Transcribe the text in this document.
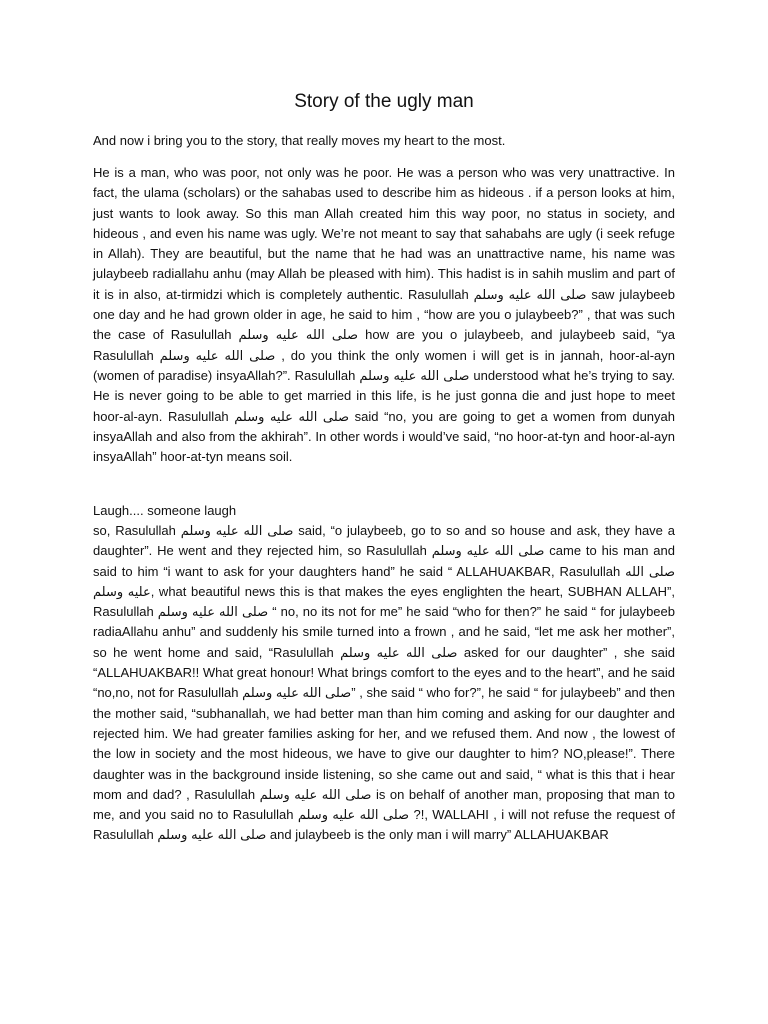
Story of the ugly man

And now i bring you to the story, that really moves my heart to the most.

He is a man, who was poor, not only was he poor. He was a person who was very unattractive. In fact, the ulama (scholars) or the sahabas used to describe him as hideous . if a person looks at him, just wants to look away. So this man Allah created him this way poor, no status in society, and hideous , and even his name was ugly. We’re not meant to say that sahabahs are ugly (i seek refuge in Allah). They are beautiful, but the name that he had was an unattractive name, his name was julaybeeb radiallahu anhu (may Allah be pleased with him). This hadist is in sahih muslim and part of it is in also, at-tirmidzi which is completely authentic. Rasulullah صلى الله عليه وسلم saw julaybeeb one day and he had grown older in age, he said to him , “how are you o julaybeeb?” , that was such the case of Rasulullah صلى الله عليه وسلم how are you o julaybeeb, and julaybeeb said, “ya Rasulullah صلى الله عليه وسلم , do you think the only women i will get is in jannah, hoor-al-ayn (women of paradise) insyaAllah?”. Rasulullah صلى الله عليه وسلم understood what he’s trying to say. He is never going to be able to get married in this life, is he just gonna die and just hope to meet hoor-al-ayn. Rasulullah صلى الله عليه وسلم said “no, you are going to get a women from dunyah insyaAllah and also from the akhirah”. In other words i would’ve said, “no hoor-at-tyn and hoor-al-ayn insyaAllah” hoor-at-tyn means soil.

Laugh.... someone laugh

so, Rasulullah صلى الله عليه وسلم said, “o julaybeeb, go to so and so house and ask, they have a daughter”. He went and they rejected him, so Rasulullah صلى الله عليه وسلم came to his man and said to him “i want to ask for your daughters hand” he said “ ALLAHUAKBAR, Rasulullah صلى الله عليه وسلم, what beautiful news this is that makes the eyes englighten the heart, SUBHAN ALLAH”, Rasulullah صلى الله عليه وسلم “ no, no its not for me” he said “who for then?” he said “ for julaybeeb radiaAllahu anhu” and suddenly his smile turned into a frown , and he said, “let me ask her mother”, so he went home and said, “Rasulullah صلى الله عليه وسلم asked for our daughter” , she said “ALLAHUAKBAR!! What great honour! What brings comfort to the eyes and to the heart”, and he said “no,no, not for Rasulullah صلى الله عليه وسلم” , she said “ who for?”, he said “ for julaybeeb” and then the mother said, “subhanallah, we had better man than him coming and asking for our daughter and rejected him. We had greater families asking for her, and we refused them. And now , the lowest of the low in society and the most hideous, we have to give our daughter to him? NO,please!”. There daughter was in the background inside listening, so she came out and said, “ what is this that i hear mom and dad? , Rasulullah صلى الله عليه وسلم is on behalf of another man, proposing that man to me, and you said no to Rasulullah صلى الله عليه وسلم ?!, WALLAHI , i will not refuse the request of Rasulullah صلى الله عليه وسلم and julaybeeb is the only man i will marry” ALLAHUAKBAR
